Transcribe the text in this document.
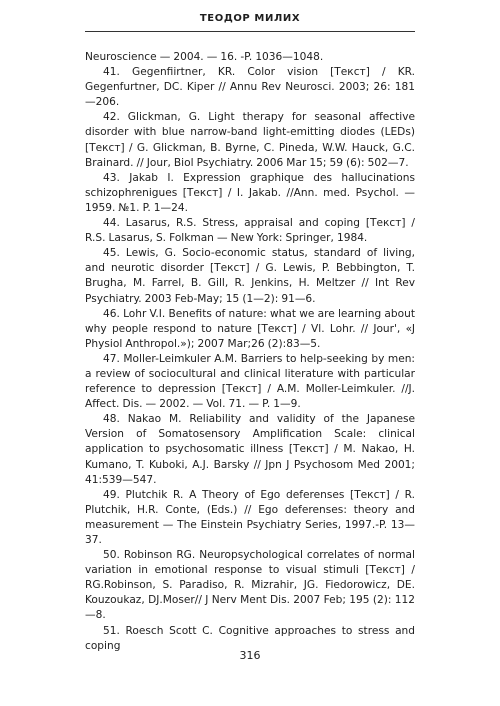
ТЕОДОР МИЛИХ

Neuroscience — 2004. — 16. -P. 1036—1048.

41. Gegenfiirtner, KR. Color vision [Текст] / KR. Gegenfurtner, DC. Kiper // Annu Rev Neurosci. 2003; 26: 181—206.

42. Glickman, G. Light therapy for seasonal affective disorder with blue narrow-band light-emitting diodes (LEDs) [Текст] / G. Glickman, B. Byrne, C. Pineda, W.W. Hauck, G.C. Brainard. // Jour, Biol Psychiatry. 2006 Mar 15; 59 (6): 502—7.

43. Jakab I. Expression graphique des hallucinations schizophrenigues [Текст] / I. Jakab. //Ann. med. Psychol. — 1959. №1. P. 1—24.

44. Lasarus, R.S. Stress, appraisal and coping [Текст] / R.S. Lasarus, S. Folkman — New York: Springer, 1984.

45. Lewis, G. Socio-economic status, standard of living, and neurotic disorder [Текст] / G. Lewis, P. Bebbington, T. Brugha, M. Farrel, B. Gill, R. Jenkins, H. Meltzer // Int Rev Psychiatry. 2003 Feb-May; 15 (1—2): 91—6.

46. Lohr V.I. Benefits of nature: what we are learning about why people respond to nature [Текст] / Vl. Lohr. // Jour', «J Physiol Anthropol.»); 2007 Mar;26 (2):83—5.

47. Moller-Leimkuler A.M. Barriers to help-seeking by men: a review of sociocultural and clinical literature with particular reference to depression [Текст] / A.M. Moller-Leimkuler. //J. Affect. Dis. — 2002. — Vol. 71. — P. 1—9.

48. Nakao M. Reliability and validity of the Japanese Version of Somatosensory Amplification Scale: clinical application to psychosomatic illness [Текст] / M. Nakao, H. Kumano, T. Kuboki, A.J. Barsky // Jpn J Psychosom Med 2001; 41:539—547.

49. Plutchik R. A Theory of Ego deferenses [Текст] / R. Plutchik, H.R. Conte, (Eds.) // Ego deferenses: theory and measurement — The Einstein Psychiatry Series, 1997.-P. 13—37.

50. Robinson RG. Neuropsychological correlates of normal variation in emotional response to visual stimuli [Текст] / RG.Robinson, S. Paradiso, R. Mizrahir, JG. Fiedorowicz, DE. Kouzoukaz, DJ.Moser// J Nerv Ment Dis. 2007 Feb; 195 (2): 112—8.

51. Roesch Scott C. Cognitive approaches to stress and coping

316
